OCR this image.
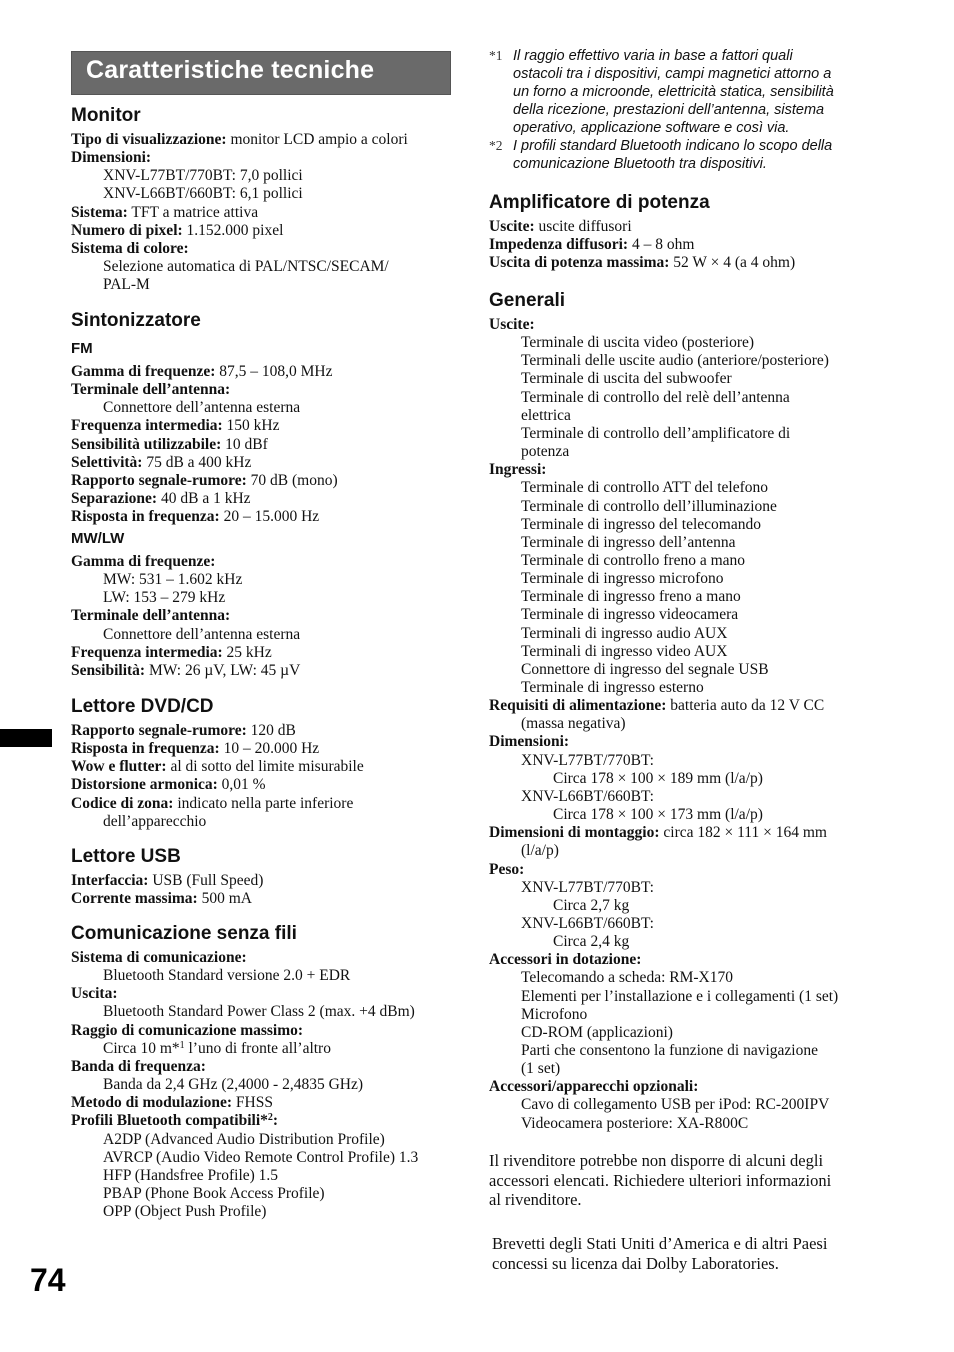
Caratteristiche tecniche
74
Monitor
Tipo di visualizzazione: monitor LCD ampio a colori
Dimensioni:
XNV-L77BT/770BT: 7,0 pollici
XNV-L66BT/660BT: 6,1 pollici
Sistema: TFT a matrice attiva
Numero di pixel: 1.152.000 pixel
Sistema di colore:
Selezione automatica di PAL/NTSC/SECAM/
PAL-M
Sintonizzatore
FM
Gamma di frequenze: 87,5 – 108,0 MHz
Terminale dell’antenna:
Connettore dell’antenna esterna
Frequenza intermedia: 150 kHz
Sensibilità utilizzabile: 10 dBf
Selettività: 75 dB a 400 kHz
Rapporto segnale-rumore: 70 dB (mono)
Separazione: 40 dB a 1 kHz
Risposta in frequenza: 20 – 15.000 Hz
MW/LW
Gamma di frequenze:
MW: 531 – 1.602 kHz
LW: 153 – 279 kHz
Terminale dell’antenna:
Connettore dell’antenna esterna
Frequenza intermedia: 25 kHz
Sensibilità: MW: 26 µV, LW: 45 µV
Lettore DVD/CD
Rapporto segnale-rumore: 120 dB
Risposta in frequenza: 10 – 20.000 Hz
Wow e flutter: al di sotto del limite misurabile
Distorsione armonica: 0,01 %
Codice di zona: indicato nella parte inferiore
dell’apparecchio
Lettore USB
Interfaccia: USB (Full Speed)
Corrente massima: 500 mA
Comunicazione senza fili
Sistema di comunicazione:
Bluetooth Standard versione 2.0 + EDR
Uscita:
Bluetooth Standard Power Class 2 (max. +4 dBm)
Raggio di comunicazione massimo:
Circa 10 m*$^1$ l’uno di fronte all’altro
Banda di frequenza:
Banda da 2,4 GHz (2,4000 - 2,4835 GHz)
Metodo di modulazione: FHSS
Profili Bluetooth compatibili*$^2$:
A2DP (Advanced Audio Distribution Profile)
AVRCP (Audio Video Remote Control Profile) 1.3
HFP (Handsfree Profile) 1.5
PBAP (Phone Book Access Profile)
OPP (Object Push Profile)
*1 Il raggio effettivo varia in base a fattori quali
ostacoli tra i dispositivi, campi magnetici attorno a
un forno a microonde, elettricità statica, sensibilità
della ricezione, prestazioni dell’antenna, sistema
operativo, applicazione software e così via.
*2 I profili standard Bluetooth indicano lo scopo della
comunicazione Bluetooth tra dispositivi.
Amplificatore di potenza
Uscite: uscite diffusori
Impedenza diffusori: 4 – 8 ohm
Uscita di potenza massima: 52 W × 4 (a 4 ohm)
Generali
Uscite:
Terminale di uscita video (posteriore)
Terminali delle uscite audio (anteriore/posteriore)
Terminale di uscita del subwoofer
Terminale di controllo del relè dell’antenna
elettrica
Terminale di controllo dell’amplificatore di
potenza
Ingressi:
Terminale di controllo ATT del telefono
Terminale di controllo dell’illuminazione
Terminale di ingresso del telecomando
Terminale di ingresso dell’antenna
Terminale di controllo freno a mano
Terminale di ingresso microfono
Terminale di ingresso freno a mano
Terminale di ingresso videocamera
Terminali di ingresso audio AUX
Terminali di ingresso video AUX
Connettore di ingresso del segnale USB
Terminale di ingresso esterno
Requisiti di alimentazione: batteria auto da 12 V CC
(massa negativa)
Dimensioni:
XNV-L77BT/770BT:
Circa 178 × 100 × 189 mm (l/a/p)
XNV-L66BT/660BT:
Circa 178 × 100 × 173 mm (l/a/p)
Dimensioni di montaggio: circa 182 × 111 × 164 mm
(l/a/p)
Peso:
XNV-L77BT/770BT:
Circa 2,7 kg
XNV-L66BT/660BT:
Circa 2,4 kg
Accessori in dotazione:
Telecomando a scheda: RM-X170
Elementi per l’installazione e i collegamenti (1 set)
Microfono
CD-ROM (applicazioni)
Parti che consentono la funzione di navigazione
(1 set)
Accessori/apparecchi opzionali:
Cavo di collegamento USB per iPod: RC-200IPV
Videocamera posteriore: XA-R800C
Il rivenditore potrebbe non disporre di alcuni degli
accessori elencati. Richiedere ulteriori informazioni
al rivenditore.
Brevetti degli Stati Uniti d’America e di altri Paesi
concessi su licenza dai Dolby Laboratories.
